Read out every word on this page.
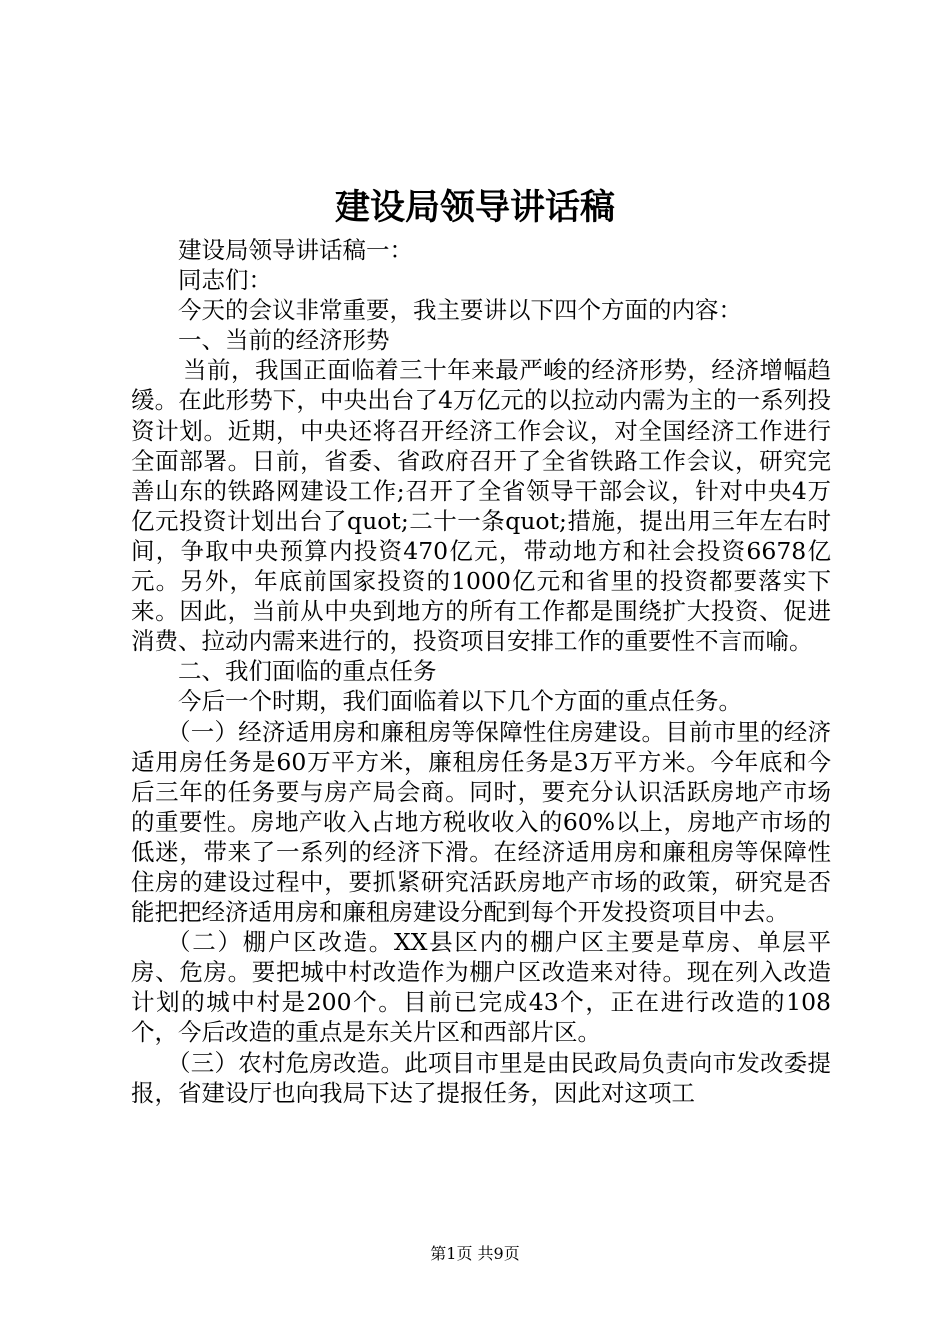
建设局领导讲话稿

建设局领导讲话稿一：

同志们：

今天的会议非常重要，我主要讲以下四个方面的内容：

一、当前的经济形势

当前，我国正面临着三十年来最严峻的经济形势，经济增幅趋缓。在此形势下，中央出台了4万亿元的以拉动内需为主的一系列投资计划。近期，中央还将召开经济工作会议，对全国经济工作进行全面部署。日前，省委、省政府召开了全省铁路工作会议，研究完善山东的铁路网建设工作;召开了全省领导干部会议，针对中央4万亿元投资计划出台了quot;二十一条quot;措施，提出用三年左右时间，争取中央预算内投资470亿元，带动地方和社会投资6678亿元。另外，年底前国家投资的1000亿元和省里的投资都要落实下来。因此，当前从中央到地方的所有工作都是围绕扩大投资、促进消费、拉动内需来进行的，投资项目安排工作的重要性不言而喻。

二、我们面临的重点任务

今后一个时期，我们面临着以下几个方面的重点任务。

（一）经济适用房和廉租房等保障性住房建设。目前市里的经济适用房任务是60万平方米，廉租房任务是3万平方米。今年底和今后三年的任务要与房产局会商。同时，要充分认识活跃房地产市场的重要性。房地产收入占地方税收收入的60%以上，房地产市场的低迷，带来了一系列的经济下滑。在经济适用房和廉租房等保障性住房的建设过程中，要抓紧研究活跃房地产市场的政策，研究是否能把把经济适用房和廉租房建设分配到每个开发投资项目中去。

（二）棚户区改造。XX县区内的棚户区主要是草房、单层平房、危房。要把城中村改造作为棚户区改造来对待。现在列入改造计划的城中村是200个。目前已完成43个，正在进行改造的108个，今后改造的重点是东关片区和西部片区。

（三）农村危房改造。此项目市里是由民政局负责向市发改委提报，省建设厅也向我局下达了提报任务，因此对这项工

第1页 共9页
